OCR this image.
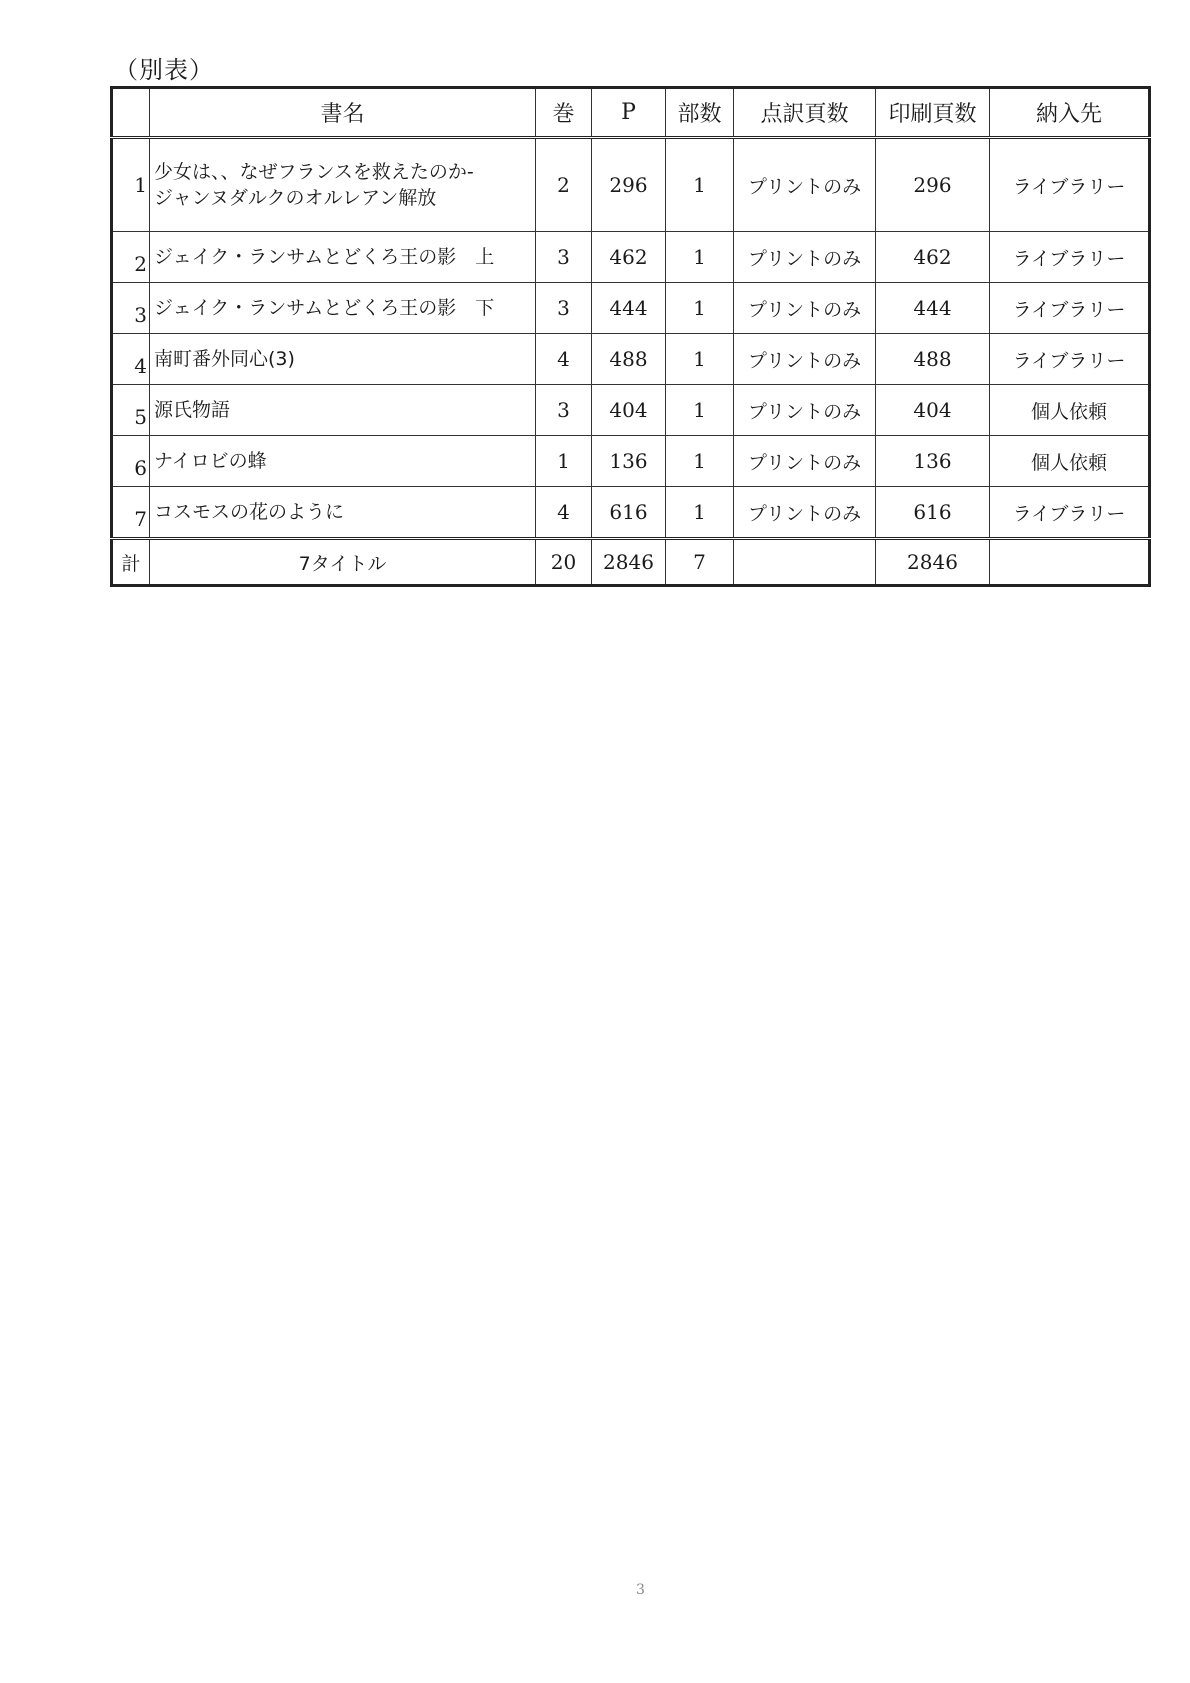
（別表）
	書名	巻	P	部数	点訳頁数	印刷頁数	納入先
1	少女は、、なぜフランスを救えたのか-
ジャンヌダルクのオルレアン解放	2	296	1	プリントのみ	296	ライブラリー
2	ジェイク・ランサムとどくろ王の影　上	3	462	1	プリントのみ	462	ライブラリー
3	ジェイク・ランサムとどくろ王の影　下	3	444	1	プリントのみ	444	ライブラリー
4	南町番外同心(3)	4	488	1	プリントのみ	488	ライブラリー
5	源氏物語	3	404	1	プリントのみ	404	個人依頼
6	ナイロビの蜂	1	136	1	プリントのみ	136	個人依頼
7	コスモスの花のように	4	616	1	プリントのみ	616	ライブラリー
計	7タイトル	20	2846	7		2846	
3
